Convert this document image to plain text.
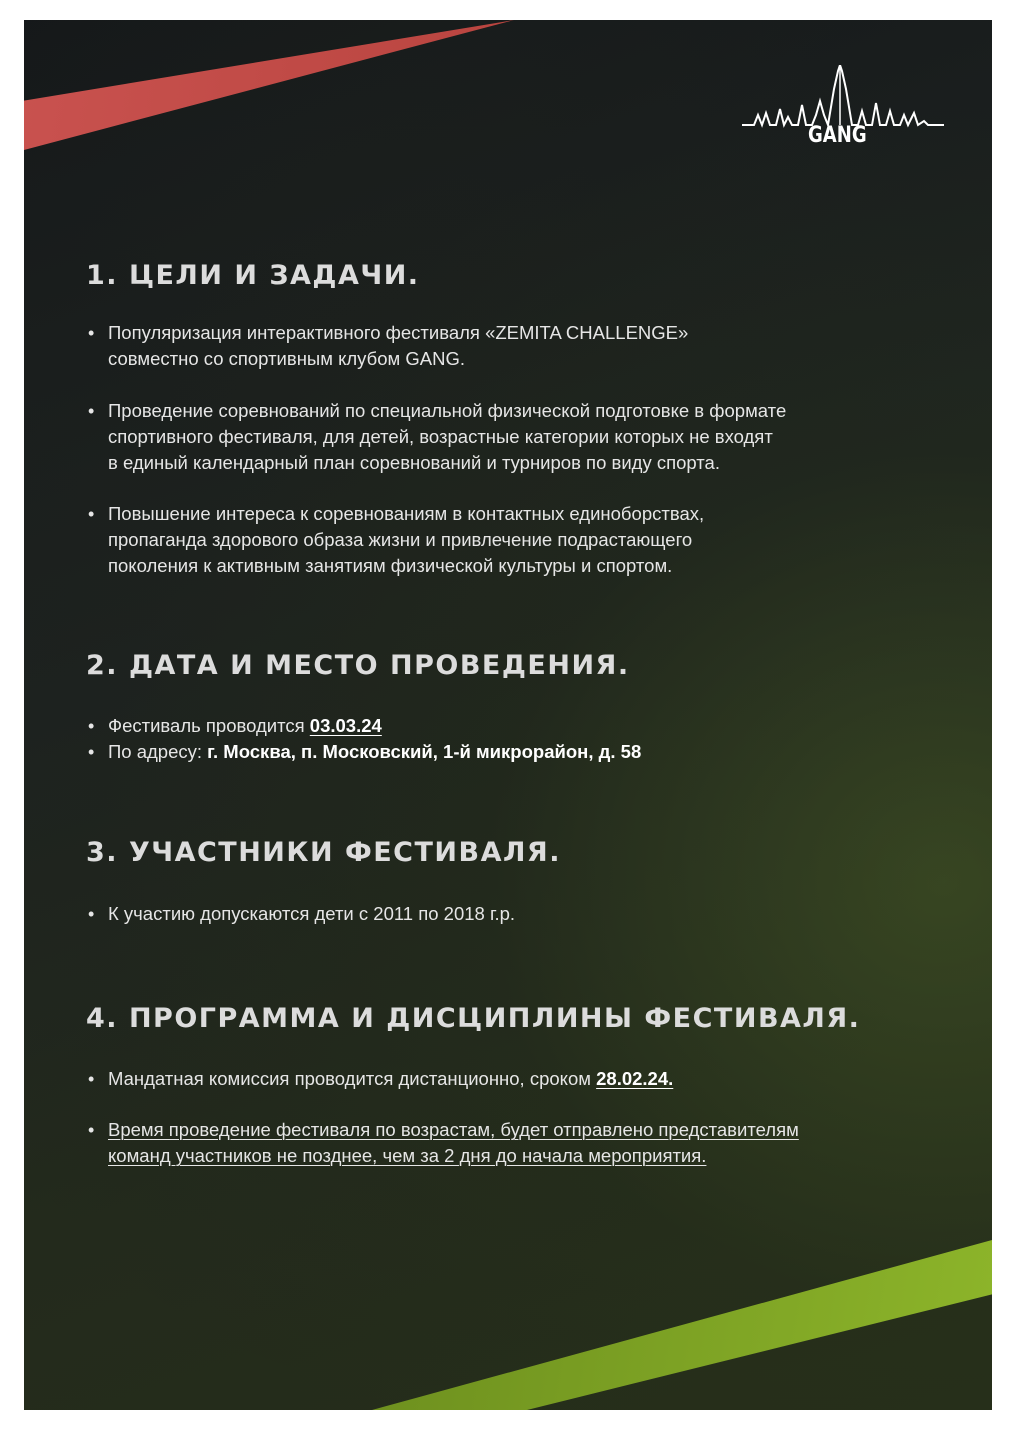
GANG
1. ЦЕЛИ И ЗАДАЧИ.
• Популяризация интерактивного фестиваля «ZEMITA CHALLENGE»
совместно со спортивным клубом GANG.
• Проведение соревнований по специальной физической подготовке в формате
спортивного фестиваля, для детей, возрастные категории которых не входят
в единый календарный план соревнований и турниров по виду спорта.
• Повышение интереса к соревнованиям в контактных единоборствах,
пропаганда здорового образа жизни и привлечение подрастающего
поколения к активным занятиям физической культуры и спортом.
2. ДАТА И МЕСТО ПРОВЕДЕНИЯ.
• Фестиваль проводится 03.03.24
• По адресу: г. Москва, п. Московский, 1-й микрорайон, д. 58
3. УЧАСТНИКИ ФЕСТИВАЛЯ.
• К участию допускаются дети с 2011 по 2018 г.р.
4. ПРОГРАММА И ДИСЦИПЛИНЫ ФЕСТИВАЛЯ.
• Мандатная комиссия проводится дистанционно, сроком 28.02.24.
• Время проведение фестиваля по возрастам, будет отправлено представителям
команд участников не позднее, чем за 2 дня до начала мероприятия.
